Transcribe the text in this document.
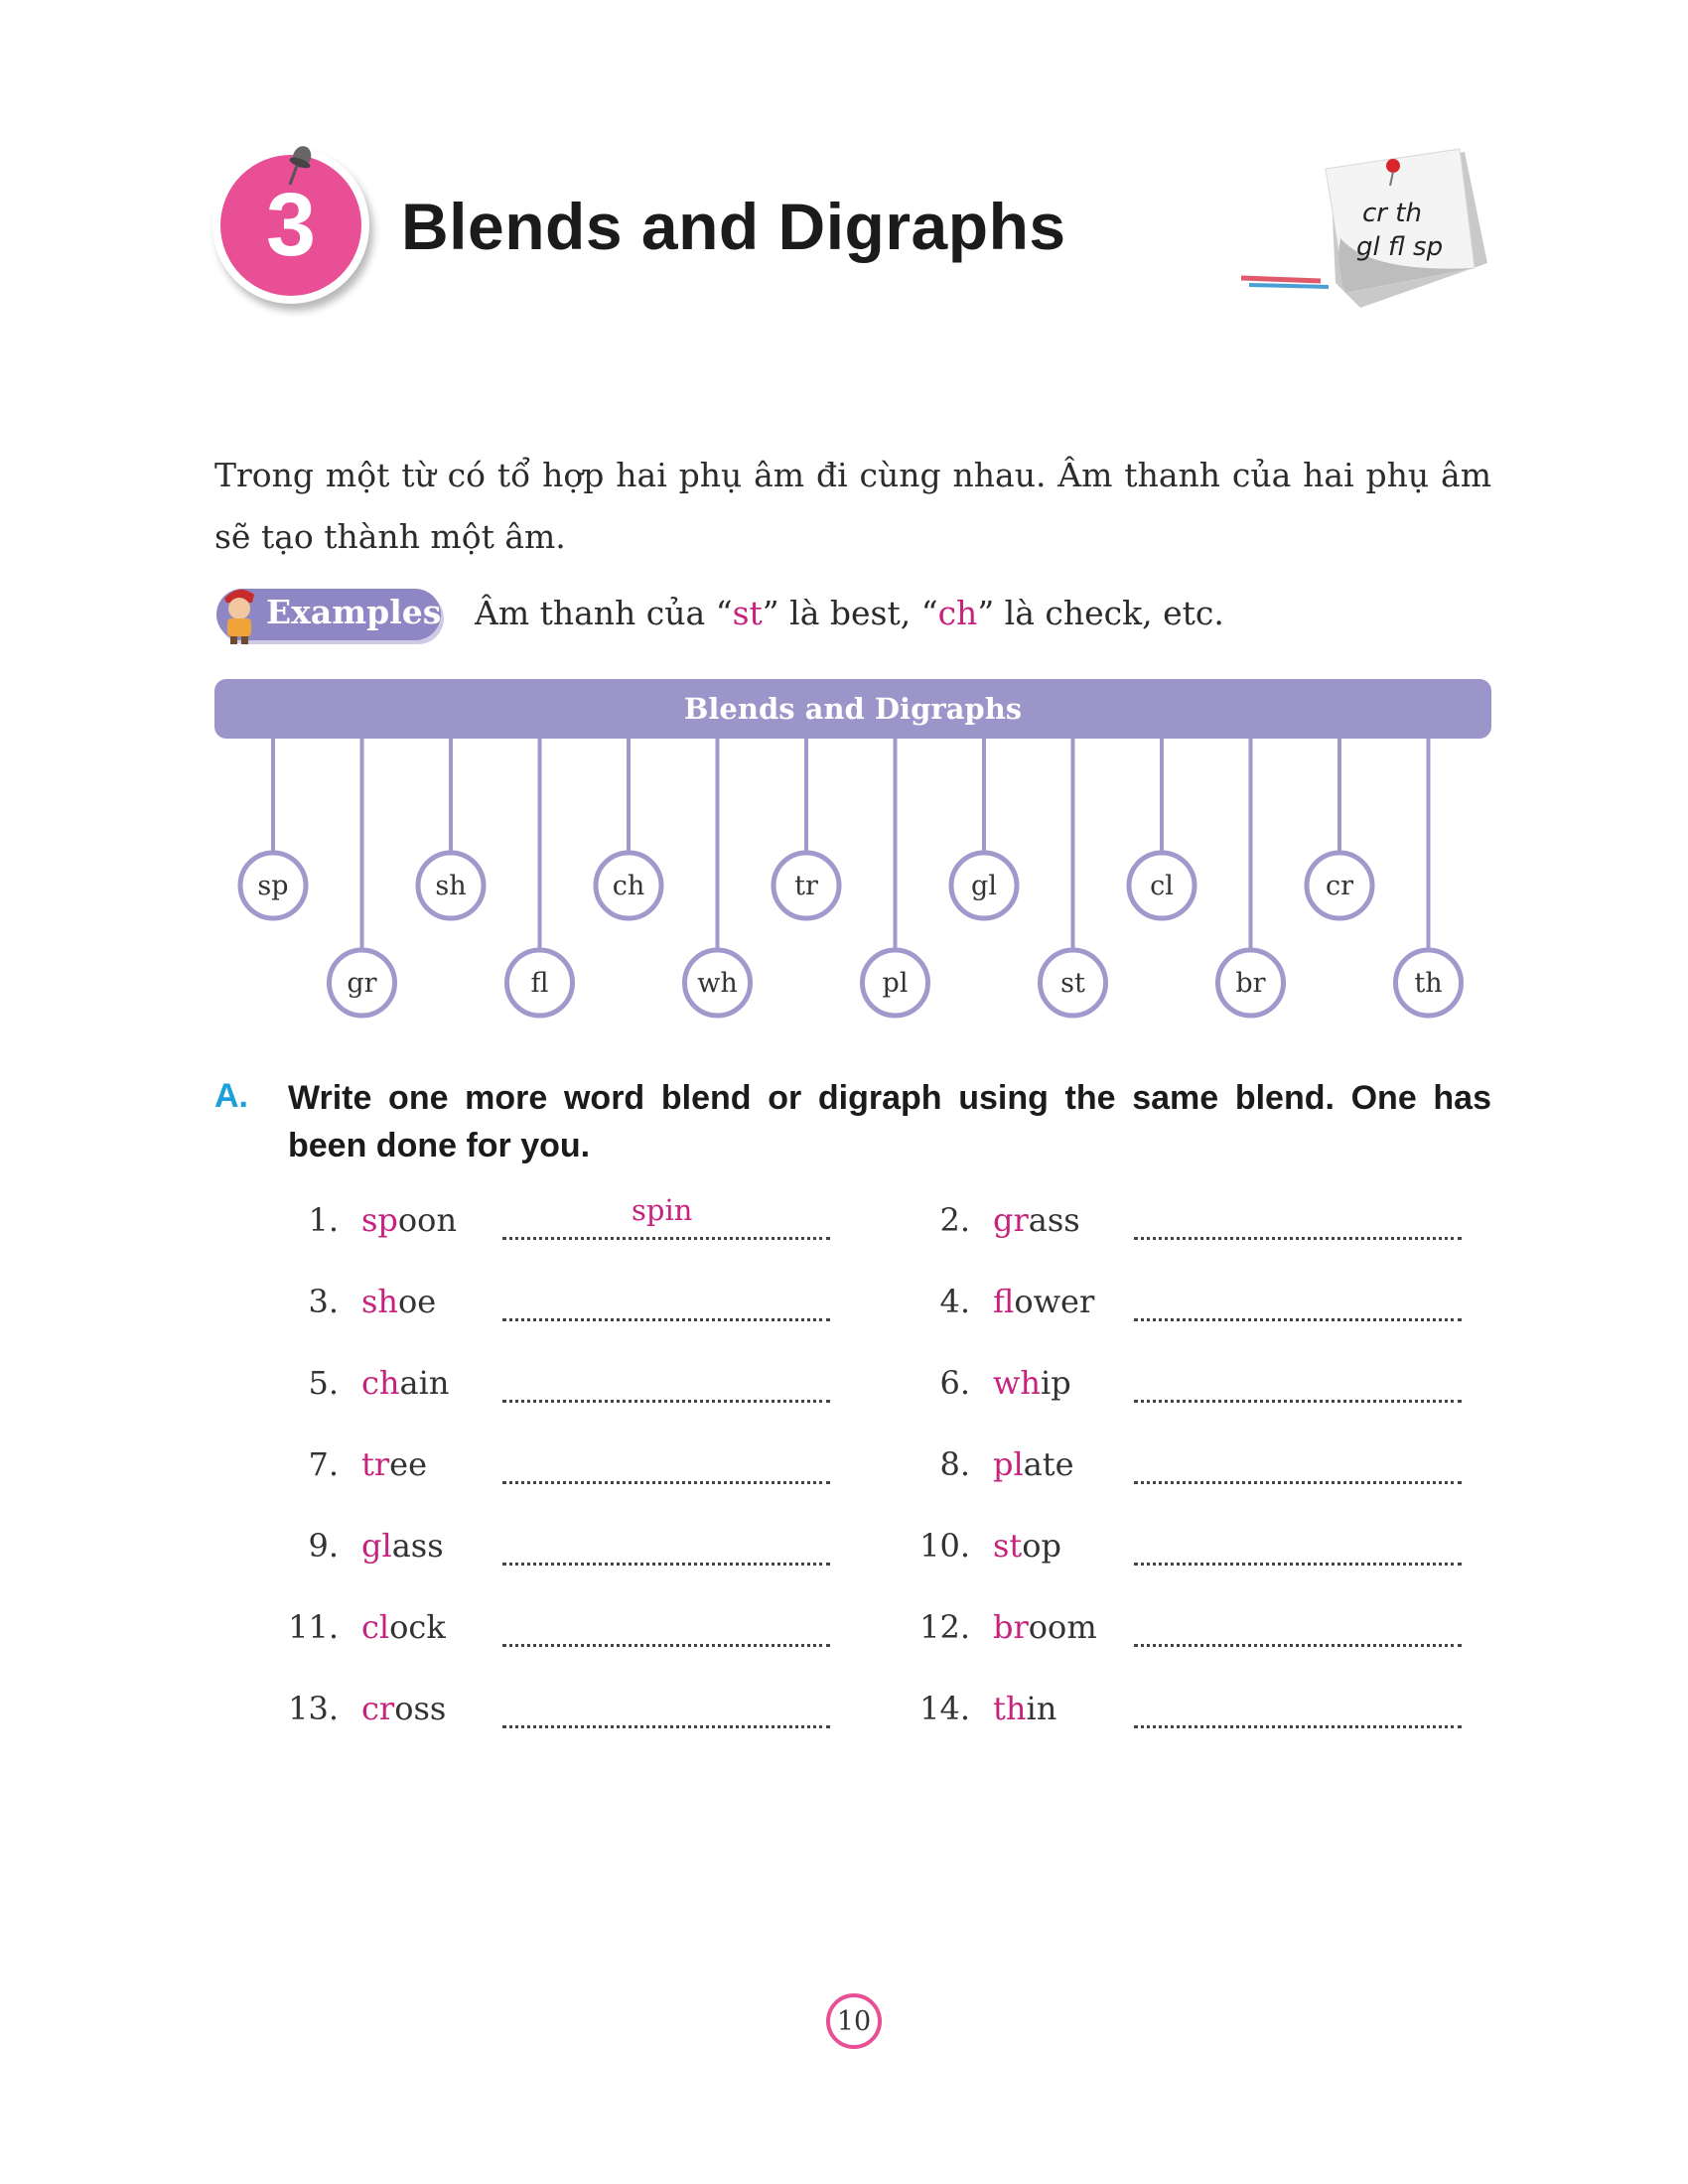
3	Blends and Digraphs	cr th
gl fl sp
Trong một từ có tổ hợp hai phụ âm đi cùng nhau. Âm thanh của hai phụ âm sẽ tạo thành một âm.
Examples Âm thanh của “st” là best, “ch” là check, etc.
sp
gr
sh
fl
ch
wh
tr
pl
gl
st
cl
br
cr
th
Blends and Digraphs
A. Write one more word blend or digraph using the same blend. One has been done for you.
1. spoon	spin	2. grass
3. shoe	4. flower
5. chain	6. whip
7. tree	8. plate
9. glass	10. stop
11. clock	12. broom
13. cross	14. thin
10
